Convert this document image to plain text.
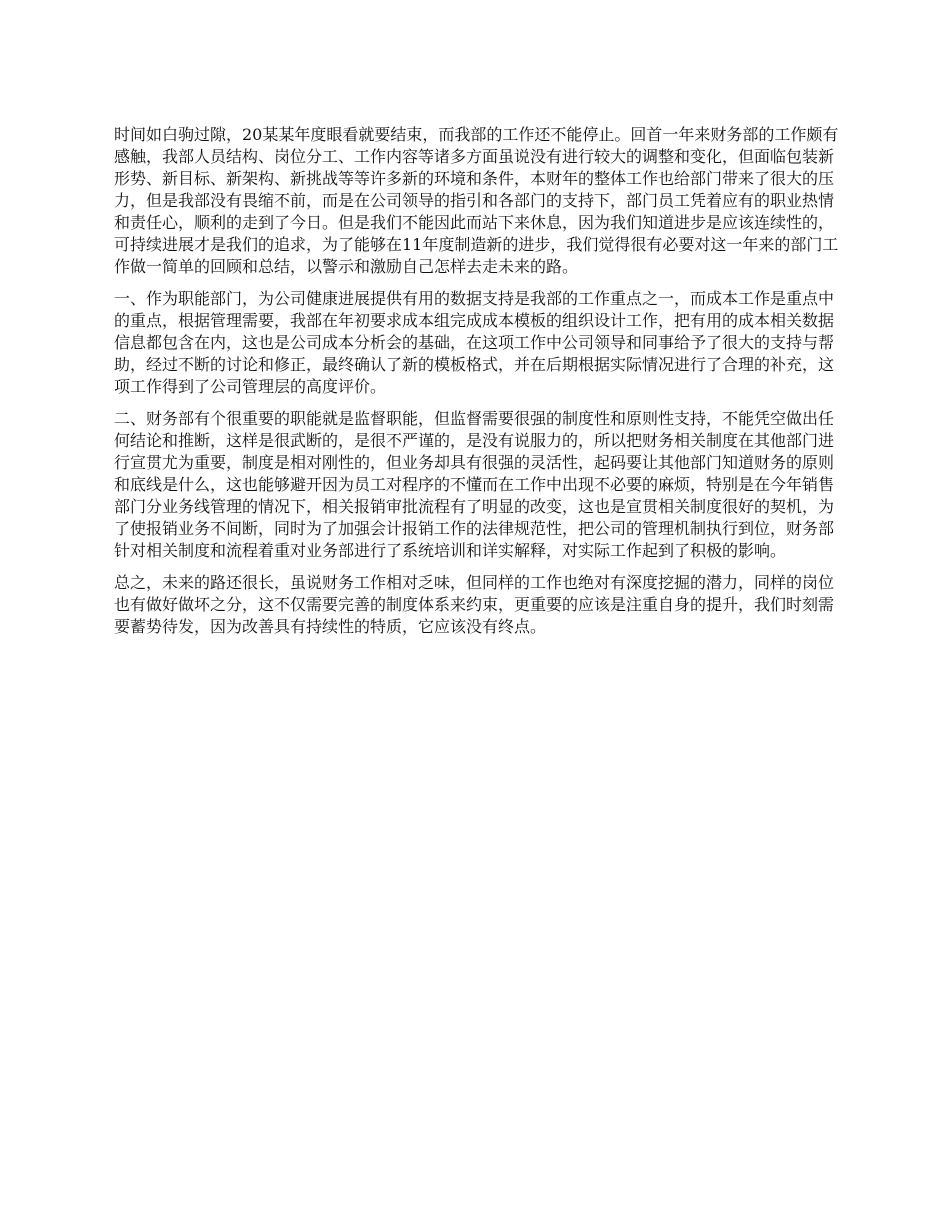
时间如白驹过隙，20某某年度眼看就要结束，而我部的工作还不能停止。回首一年来财务部的工作颇有感触，我部人员结构、岗位分工、工作内容等诸多方面虽说没有进行较大的调整和变化，但面临包装新形势、新目标、新架构、新挑战等等许多新的环境和条件，本财年的整体工作也给部门带来了很大的压力，但是我部没有畏缩不前，而是在公司领导的指引和各部门的支持下，部门员工凭着应有的职业热情和责任心，顺利的走到了今日。但是我们不能因此而站下来休息，因为我们知道进步是应该连续性的，可持续进展才是我们的追求，为了能够在11年度制造新的进步，我们觉得很有必要对这一年来的部门工作做一简单的回顾和总结，以警示和激励自己怎样去走未来的路。

一、作为职能部门，为公司健康进展提供有用的数据支持是我部的工作重点之一，而成本工作是重点中的重点，根据管理需要，我部在年初要求成本组完成成本模板的组织设计工作，把有用的成本相关数据信息都包含在内，这也是公司成本分析会的基础，在这项工作中公司领导和同事给予了很大的支持与帮助，经过不断的讨论和修正，最终确认了新的模板格式，并在后期根据实际情况进行了合理的补充，这项工作得到了公司管理层的高度评价。

二、财务部有个很重要的职能就是监督职能，但监督需要很强的制度性和原则性支持，不能凭空做出任何结论和推断，这样是很武断的，是很不严谨的，是没有说服力的，所以把财务相关制度在其他部门进行宣贯尤为重要，制度是相对刚性的，但业务却具有很强的灵活性，起码要让其他部门知道财务的原则和底线是什么，这也能够避开因为员工对程序的不懂而在工作中出现不必要的麻烦，特别是在今年销售部门分业务线管理的情况下，相关报销审批流程有了明显的改变，这也是宣贯相关制度很好的契机，为了使报销业务不间断，同时为了加强会计报销工作的法律规范性，把公司的管理机制执行到位，财务部针对相关制度和流程着重对业务部进行了系统培训和详实解释，对实际工作起到了积极的影响。

总之，未来的路还很长，虽说财务工作相对乏味，但同样的工作也绝对有深度挖掘的潜力，同样的岗位也有做好做坏之分，这不仅需要完善的制度体系来约束，更重要的应该是注重自身的提升，我们时刻需要蓄势待发，因为改善具有持续性的特质，它应该没有终点。
